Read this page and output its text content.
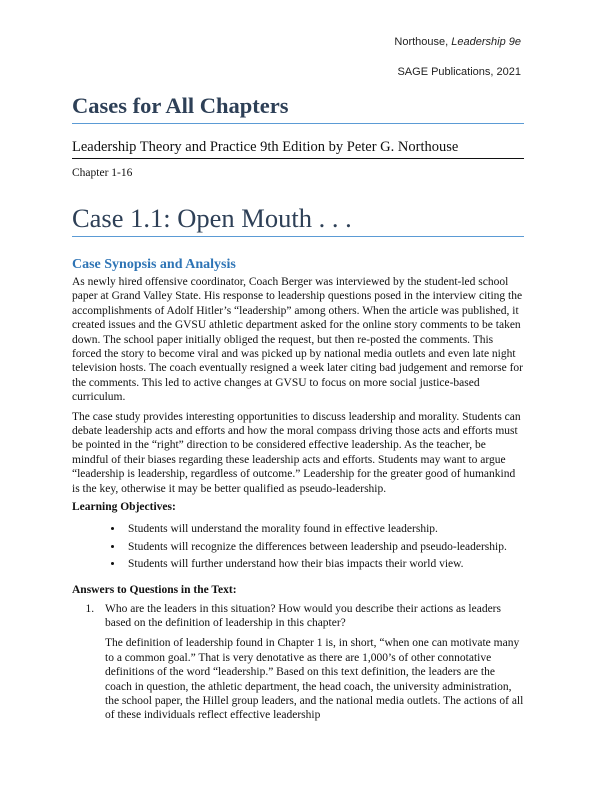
Northouse, Leadership 9e
SAGE Publications, 2021
Cases for All Chapters
Leadership Theory and Practice 9th Edition by Peter G. Northouse
Chapter 1-16
Case 1.1: Open Mouth . . .
Case Synopsis and Analysis

As newly hired offensive coordinator, Coach Berger was interviewed by the student-led school paper at Grand Valley State. His response to leadership questions posed in the interview citing the accomplishments of Adolf Hitler’s “leadership” among others. When the article was published, it created issues and the GVSU athletic department asked for the online story comments to be taken down. The school paper initially obliged the request, but then re-posted the comments. This forced the story to become viral and was picked up by national media outlets and even late night television hosts. The coach eventually resigned a week later citing bad judgement and remorse for the comments. This led to active changes at GVSU to focus on more social justice-based curriculum.

The case study provides interesting opportunities to discuss leadership and morality. Students can debate leadership acts and efforts and how the moral compass driving those acts and efforts must be pointed in the “right” direction to be considered effective leadership. As the teacher, be mindful of their biases regarding these leadership acts and efforts. Students may want to argue “leadership is leadership, regardless of outcome.” Leadership for the greater good of humankind is the key, otherwise it may be better qualified as pseudo-leadership.

Learning Objectives:
• Students will understand the morality found in effective leadership.
• Students will recognize the differences between leadership and pseudo-leadership.
• Students will further understand how their bias impacts their world view.
Answers to Questions in the Text:
1. Who are the leaders in this situation? How would you describe their actions as leaders based on the definition of leadership in this chapter?
The definition of leadership found in Chapter 1 is, in short, “when one can motivate many to a common goal.” That is very denotative as there are 1,000’s of other connotative definitions of the word “leadership.” Based on this text definition, the leaders are the coach in question, the athletic department, the head coach, the university administration, the school paper, the Hillel group leaders, and the national media outlets. The actions of all of these individuals reflect effective leadership
